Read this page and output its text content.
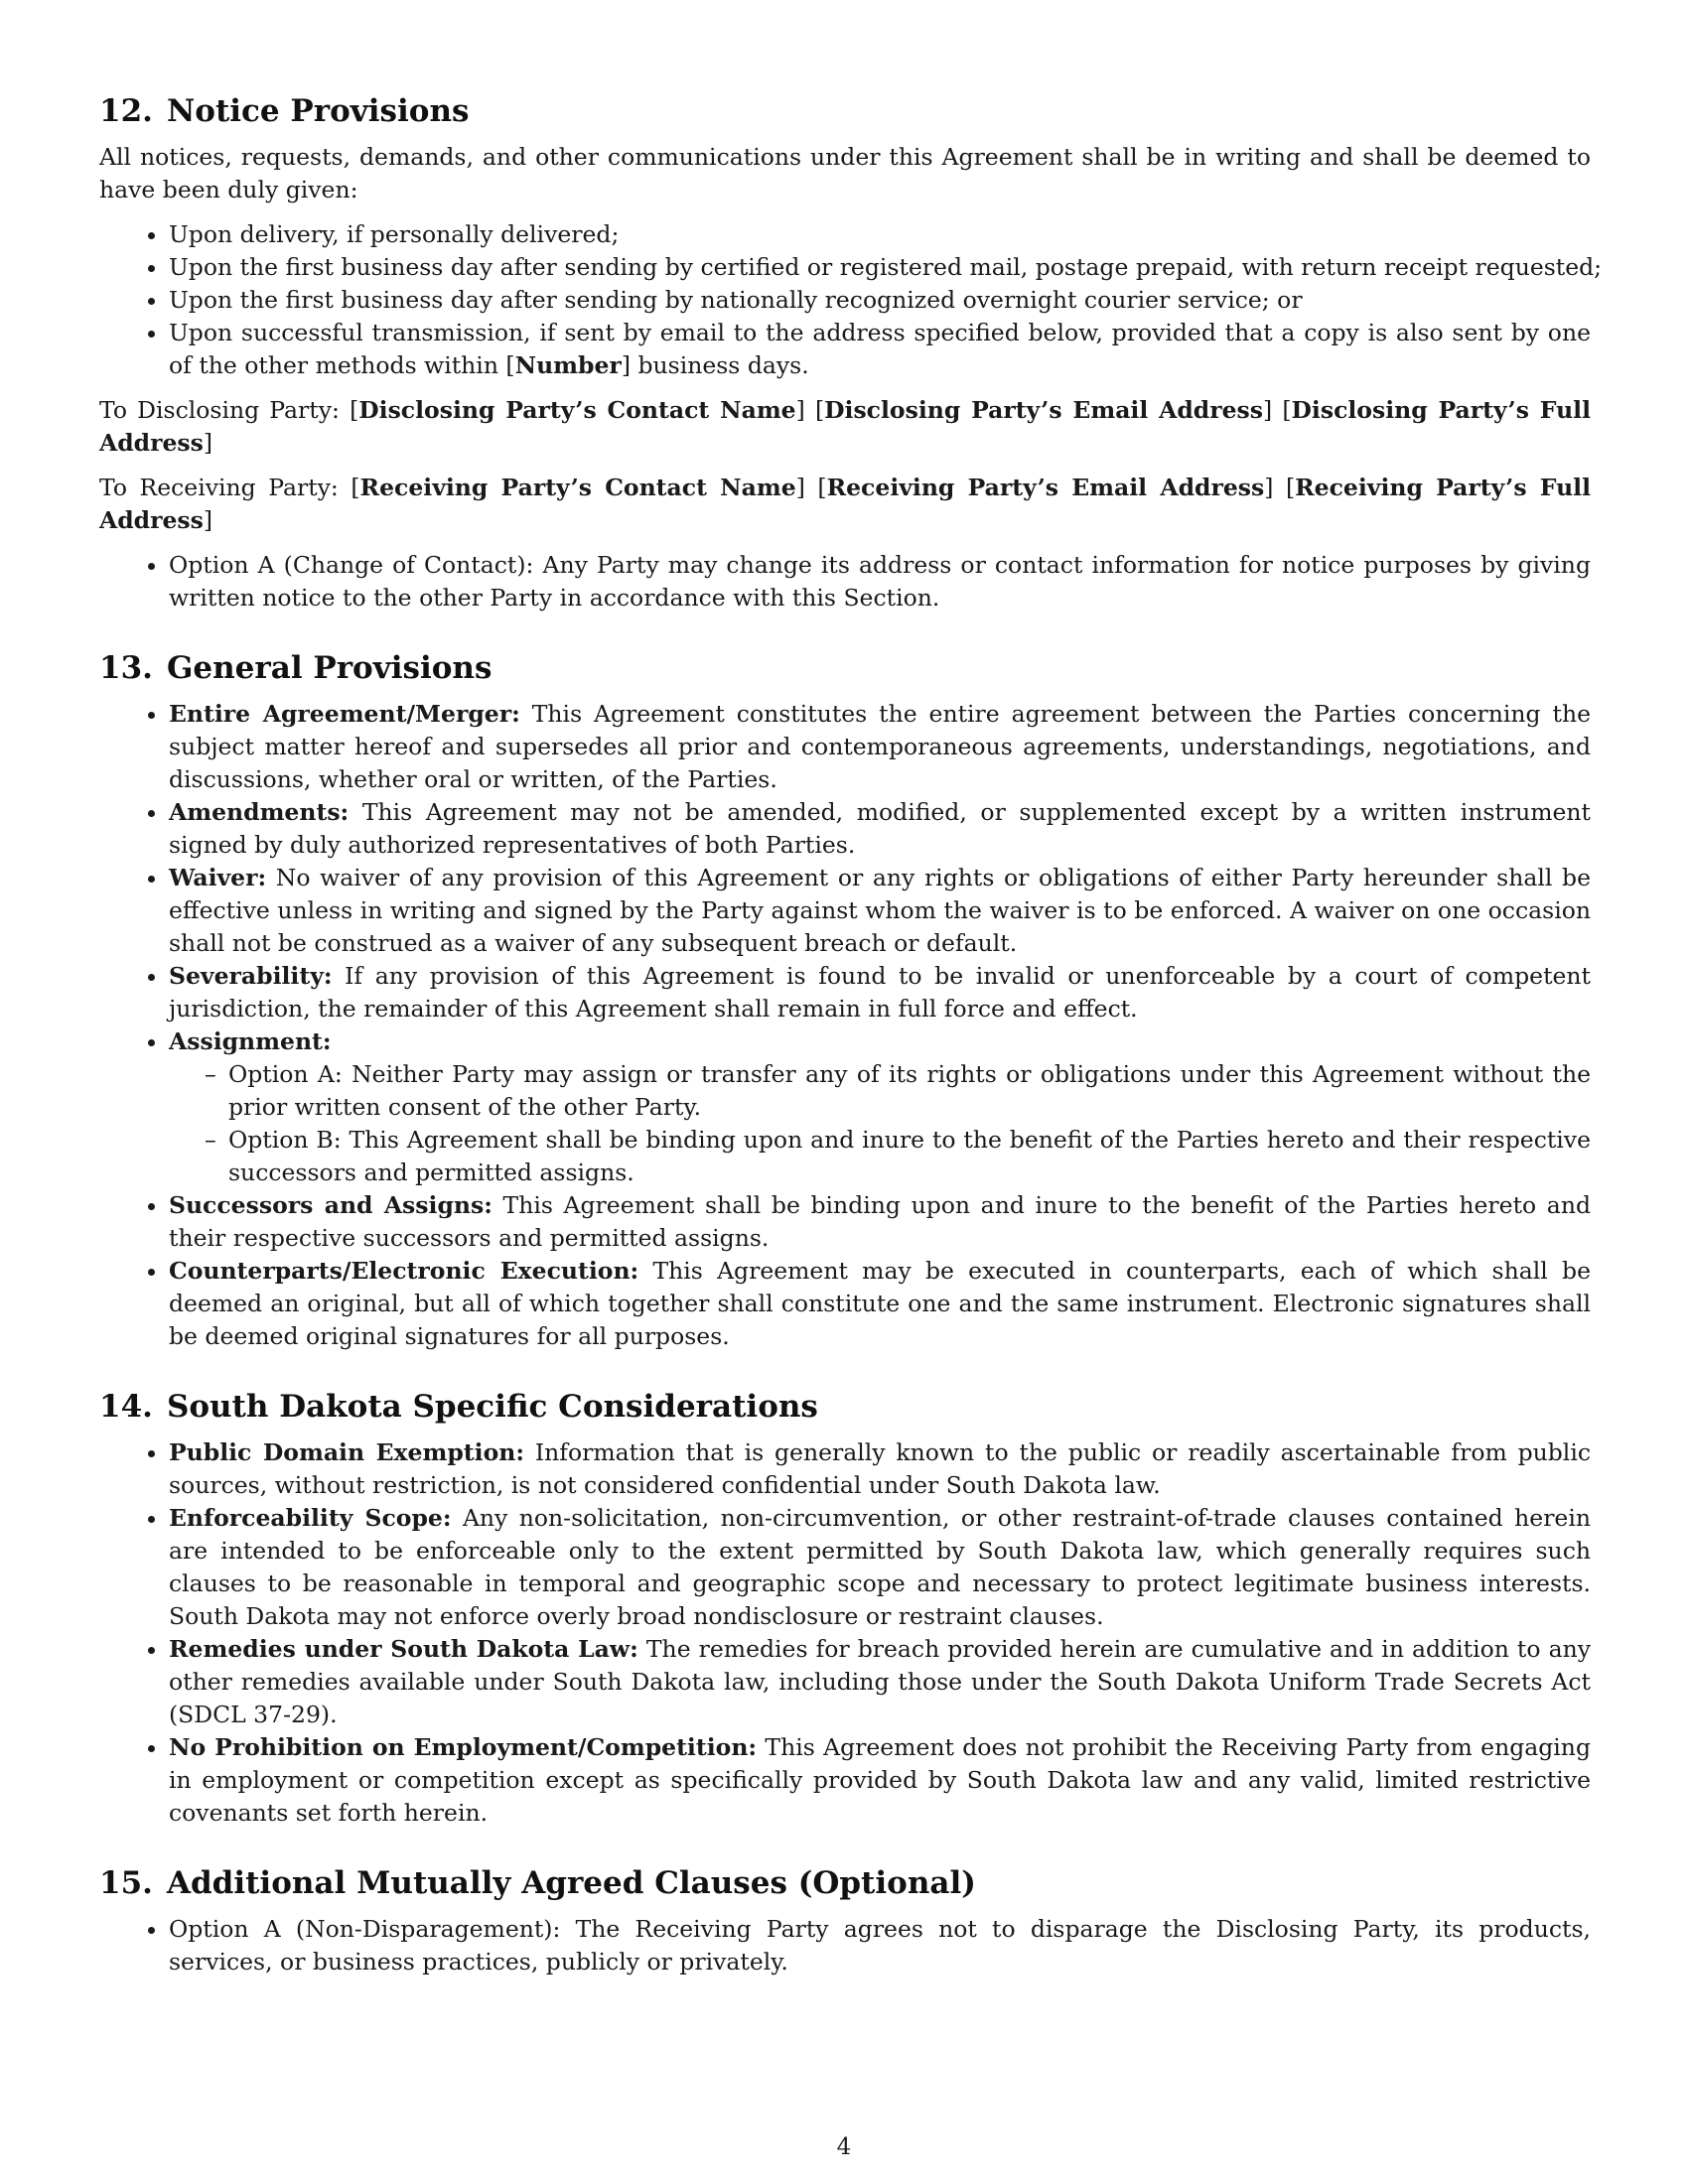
12. Notice Provisions

All notices, requests, demands, and other communications under this Agreement shall be in writing and shall be deemed to have been duly given:

• Upon delivery, if personally delivered;
• Upon the first business day after sending by certified or registered mail, postage prepaid, with return receipt requested;
• Upon the first business day after sending by nationally recognized overnight courier service; or
• Upon successful transmission, if sent by email to the address specified below, provided that a copy is also sent by one of the other methods within [Number] business days.

To Disclosing Party: [Disclosing Party’s Contact Name] [Disclosing Party’s Email Address] [Disclosing Party’s Full Address]

To Receiving Party: [Receiving Party’s Contact Name] [Receiving Party’s Email Address] [Receiving Party’s Full Address]

• Option A (Change of Contact): Any Party may change its address or contact information for notice purposes by giving written notice to the other Party in accordance with this Section.
13. General Provisions
• Entire Agreement/Merger: This Agreement constitutes the entire agreement between the Parties concerning the subject matter hereof and supersedes all prior and contemporaneous agreements, understandings, negotiations, and discussions, whether oral or written, of the Parties.
• Amendments: This Agreement may not be amended, modified, or supplemented except by a written instrument signed by duly authorized representatives of both Parties.
• Waiver: No waiver of any provision of this Agreement or any rights or obligations of either Party hereunder shall be effective unless in writing and signed by the Party against whom the waiver is to be enforced. A waiver on one occasion shall not be construed as a waiver of any subsequent breach or default.
• Severability: If any provision of this Agreement is found to be invalid or unenforceable by a court of competent jurisdiction, the remainder of this Agreement shall remain in full force and effect.
• Assignment:
– Option A: Neither Party may assign or transfer any of its rights or obligations under this Agreement without the prior written consent of the other Party.
– Option B: This Agreement shall be binding upon and inure to the benefit of the Parties hereto and their respective successors and permitted assigns.
• Successors and Assigns: This Agreement shall be binding upon and inure to the benefit of the Parties hereto and their respective successors and permitted assigns.
• Counterparts/Electronic Execution: This Agreement may be executed in counterparts, each of which shall be deemed an original, but all of which together shall constitute one and the same instrument. Electronic signatures shall be deemed original signatures for all purposes.
14. South Dakota Specific Considerations
• Public Domain Exemption: Information that is generally known to the public or readily ascertainable from public sources, without restriction, is not considered confidential under South Dakota law.
• Enforceability Scope: Any non-solicitation, non-circumvention, or other restraint-of-trade clauses contained herein are intended to be enforceable only to the extent permitted by South Dakota law, which generally requires such clauses to be reasonable in temporal and geographic scope and necessary to protect legitimate business interests. South Dakota may not enforce overly broad nondisclosure or restraint clauses.
• Remedies under South Dakota Law: The remedies for breach provided herein are cumulative and in addition to any other remedies available under South Dakota law, including those under the South Dakota Uniform Trade Secrets Act (SDCL 37-29).
• No Prohibition on Employment/Competition: This Agreement does not prohibit the Receiving Party from engaging in employment or competition except as specifically provided by South Dakota law and any valid, limited restrictive covenants set forth herein.
15. Additional Mutually Agreed Clauses (Optional)
• Option A (Non-Disparagement): The Receiving Party agrees not to disparage the Disclosing Party, its products, services, or business practices, publicly or privately.
4
